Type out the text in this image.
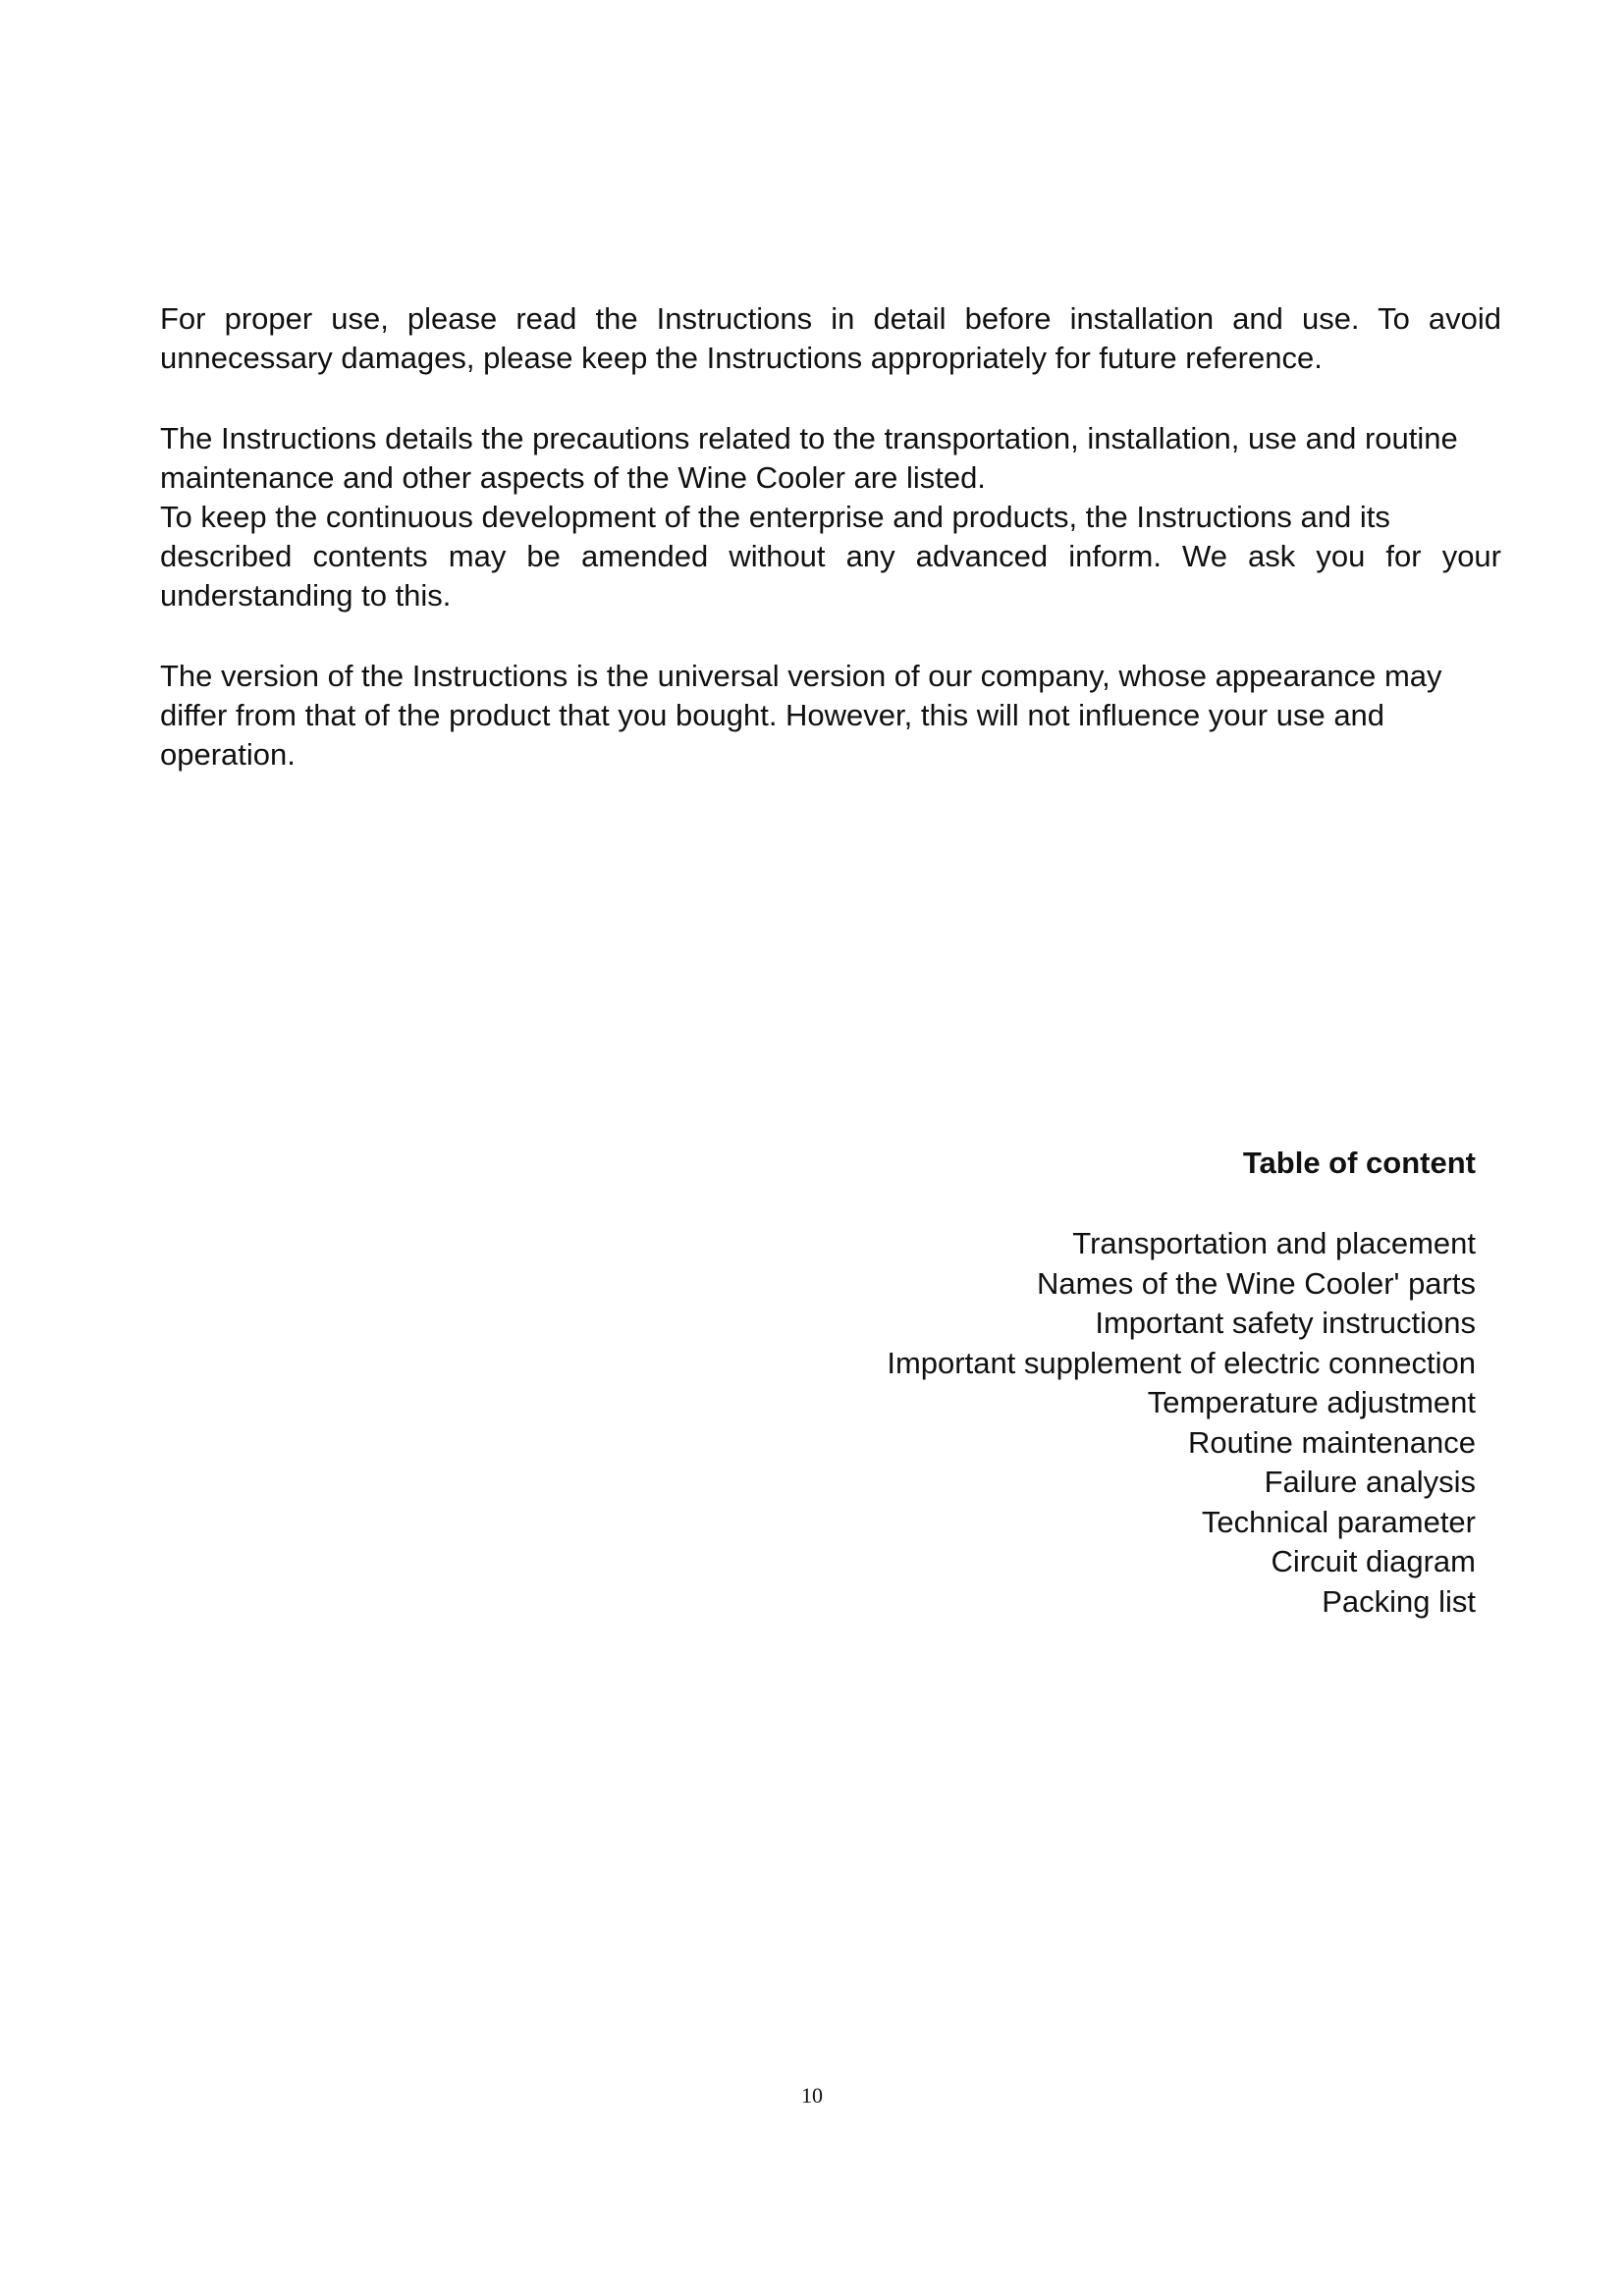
For proper use, please read the Instructions in detail before installation and use. To avoid

unnecessary damages, please keep the Instructions appropriately for future reference.

The Instructions details the precautions related to the transportation, installation, use and routine

maintenance and other aspects of the Wine Cooler are listed.

To keep the continuous development of the enterprise and products, the Instructions and its

described contents may be amended without any advanced inform. We ask you for your

understanding to this.

The version of the Instructions is the universal version of our company, whose appearance may

differ from that of the product that you bought. However, this will not influence your use and

operation.

Table of content
Transportation and placement
Names of the Wine Cooler' parts
Important safety instructions
Important supplement of electric connection
Temperature adjustment
Routine maintenance
Failure analysis
Technical parameter
Circuit diagram
Packing list
10
